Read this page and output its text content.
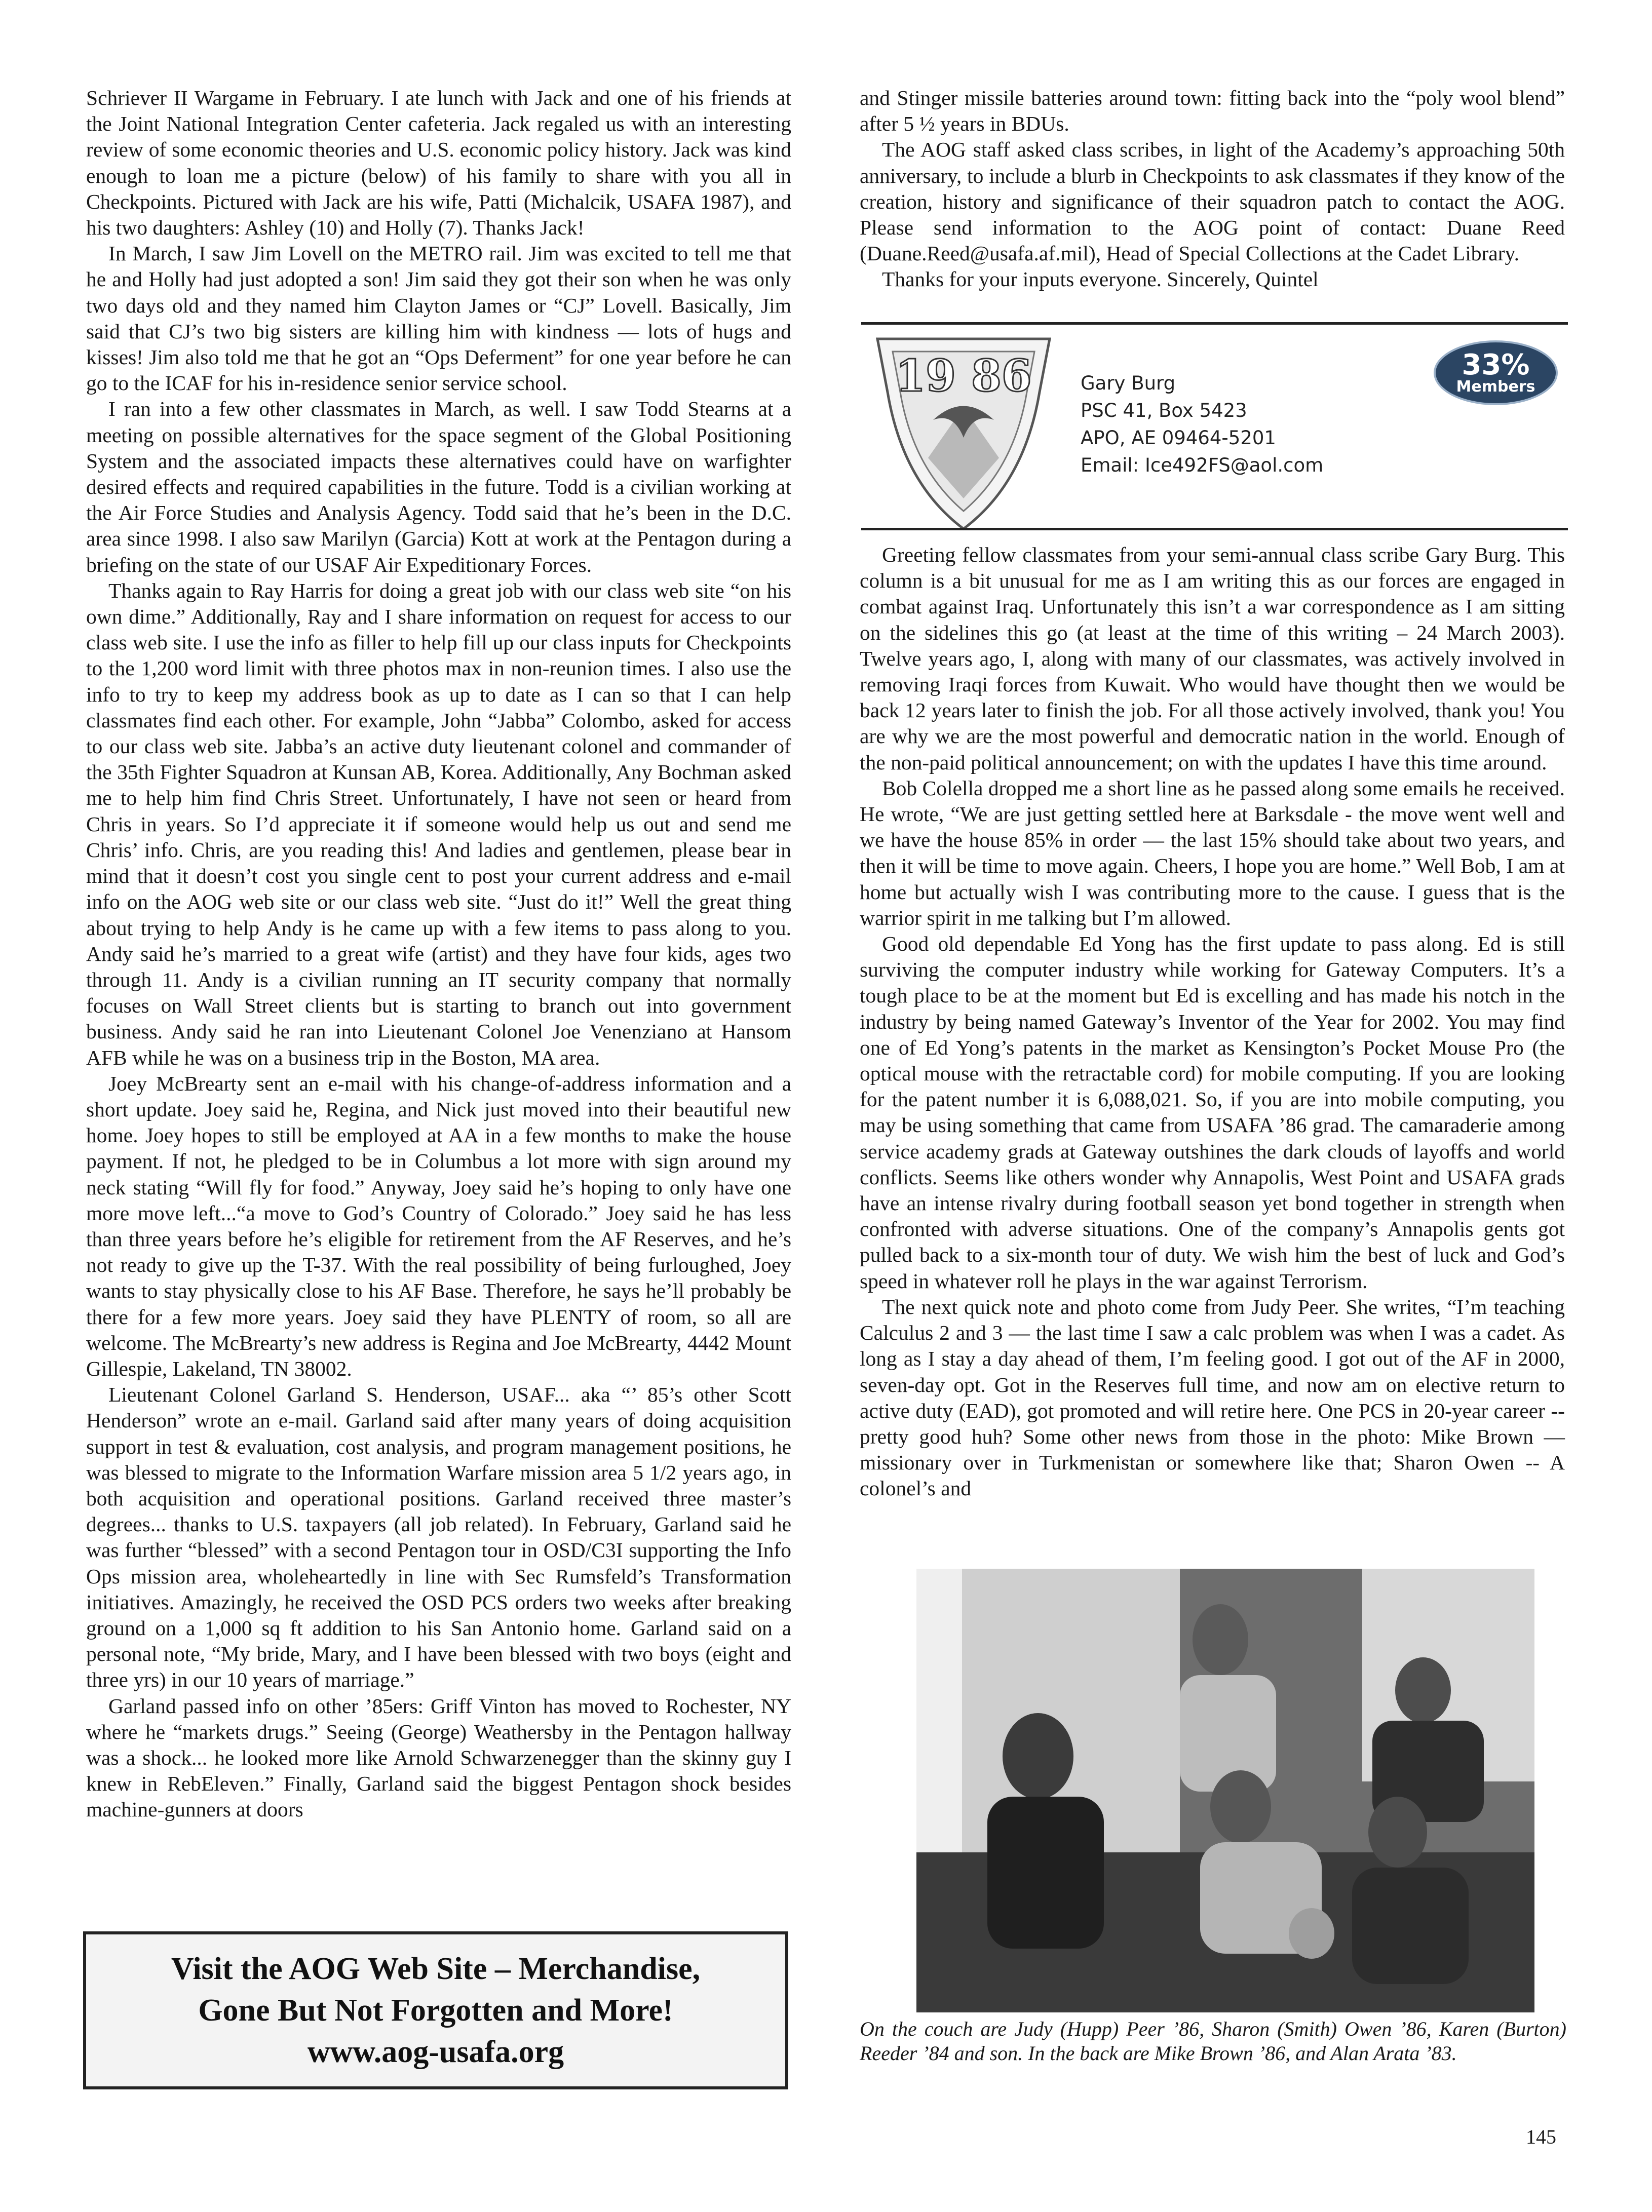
Schriever II Wargame in February. I ate lunch with Jack and one of his friends at the Joint National Integration Center cafeteria. Jack regaled us with an interesting review of some economic theories and U.S. economic policy history. Jack was kind enough to loan me a picture (below) of his family to share with you all in Checkpoints. Pictured with Jack are his wife, Patti (Michalcik, USAFA 1987), and his two daughters: Ashley (10) and Holly (7). Thanks Jack!

In March, I saw Jim Lovell on the METRO rail. Jim was excited to tell me that he and Holly had just adopted a son! Jim said they got their son when he was only two days old and they named him Clayton James or “CJ” Lovell. Basically, Jim said that CJ’s two big sisters are killing him with kindness — lots of hugs and kisses! Jim also told me that he got an “Ops Deferment” for one year before he can go to the ICAF for his in-residence senior service school.

I ran into a few other classmates in March, as well. I saw Todd Stearns at a meeting on possible alternatives for the space segment of the Global Positioning System and the associated impacts these alternatives could have on warfighter desired effects and required capabilities in the future. Todd is a civilian working at the Air Force Studies and Analysis Agency. Todd said that he’s been in the D.C. area since 1998. I also saw Marilyn (Garcia) Kott at work at the Pentagon during a briefing on the state of our USAF Air Expeditionary Forces.

Thanks again to Ray Harris for doing a great job with our class web site “on his own dime.” Additionally, Ray and I share information on request for access to our class web site. I use the info as filler to help fill up our class inputs for Checkpoints to the 1,200 word limit with three photos max in non-reunion times. I also use the info to try to keep my address book as up to date as I can so that I can help classmates find each other. For example, John “Jabba” Colombo, asked for access to our class web site. Jabba’s an active duty lieutenant colonel and commander of the 35th Fighter Squadron at Kunsan AB, Korea. Additionally, Any Bochman asked me to help him find Chris Street. Unfortunately, I have not seen or heard from Chris in years. So I’d appreciate it if someone would help us out and send me Chris’ info. Chris, are you reading this! And ladies and gentlemen, please bear in mind that it doesn’t cost you single cent to post your current address and e-mail info on the AOG web site or our class web site. “Just do it!” Well the great thing about trying to help Andy is he came up with a few items to pass along to you. Andy said he’s married to a great wife (artist) and they have four kids, ages two through 11. Andy is a civilian running an IT security company that normally focuses on Wall Street clients but is starting to branch out into government business. Andy said he ran into Lieutenant Colonel Joe Venenziano at Hansom AFB while he was on a business trip in the Boston, MA area.

Joey McBrearty sent an e-mail with his change-of-address information and a short update. Joey said he, Regina, and Nick just moved into their beautiful new home. Joey hopes to still be employed at AA in a few months to make the house payment. If not, he pledged to be in Columbus a lot more with sign around my neck stating “Will fly for food.” Anyway, Joey said he’s hoping to only have one more move left...“a move to God’s Country of Colorado.” Joey said he has less than three years before he’s eligible for retirement from the AF Reserves, and he’s not ready to give up the T-37. With the real possibility of being furloughed, Joey wants to stay physically close to his AF Base. Therefore, he says he’ll probably be there for a few more years. Joey said they have PLENTY of room, so all are welcome. The McBrearty’s new address is Regina and Joe McBrearty, 4442 Mount Gillespie, Lakeland, TN 38002.

Lieutenant Colonel Garland S. Henderson, USAF... aka “’ 85’s other Scott Henderson” wrote an e-mail. Garland said after many years of doing acquisition support in test & evaluation, cost analysis, and program management positions, he was blessed to migrate to the Information Warfare mission area 5 1/2 years ago, in both acquisition and operational positions. Garland received three master’s degrees... thanks to U.S. taxpayers (all job related). In February, Garland said he was further “blessed” with a second Pentagon tour in OSD/C3I supporting the Info Ops mission area, wholeheartedly in line with Sec Rumsfeld’s Transformation initiatives. Amazingly, he received the OSD PCS orders two weeks after breaking ground on a 1,000 sq ft addition to his San Antonio home. Garland said on a personal note, “My bride, Mary, and I have been blessed with two boys (eight and three yrs) in our 10 years of marriage.”

Garland passed info on other ’85ers: Griff Vinton has moved to Rochester, NY where he “markets drugs.” Seeing (George) Weathersby in the Pentagon hallway was a shock... he looked more like Arnold Schwarzenegger than the skinny guy I knew in RebEleven.” Finally, Garland said the biggest Pentagon shock besides machine-gunners at doors

Visit the AOG Web Site – Merchandise,
Gone But Not Forgotten and More!
www.aog-usafa.org

and Stinger missile batteries around town: fitting back into the “poly wool blend” after 5 ½ years in BDUs.

The AOG staff asked class scribes, in light of the Academy’s approaching 50th anniversary, to include a blurb in Checkpoints to ask classmates if they know of the creation, history and significance of their squadron patch to contact the AOG. Please send information to the AOG point of contact: Duane Reed (Duane.Reed@usafa.af.mil), Head of Special Collections at the Cadet Library.

Thanks for your inputs everyone. Sincerely, Quintel

19 86	Gary Burg
PSC 41, Box 5423
APO, AE 09464-5201
Email: Ice492FS@aol.com
33%
Members

Greeting fellow classmates from your semi-annual class scribe Gary Burg. This column is a bit unusual for me as I am writing this as our forces are engaged in combat against Iraq. Unfortunately this isn’t a war correspondence as I am sitting on the sidelines this go (at least at the time of this writing – 24 March 2003). Twelve years ago, I, along with many of our classmates, was actively involved in removing Iraqi forces from Kuwait. Who would have thought then we would be back 12 years later to finish the job. For all those actively involved, thank you! You are why we are the most powerful and democratic nation in the world. Enough of the non-paid political announcement; on with the updates I have this time around.

Bob Colella dropped me a short line as he passed along some emails he received. He wrote, “We are just getting settled here at Barksdale - the move went well and we have the house 85% in order — the last 15% should take about two years, and then it will be time to move again. Cheers, I hope you are home.” Well Bob, I am at home but actually wish I was contributing more to the cause. I guess that is the warrior spirit in me talking but I’m allowed.

Good old dependable Ed Yong has the first update to pass along. Ed is still surviving the computer industry while working for Gateway Computers. It’s a tough place to be at the moment but Ed is excelling and has made his notch in the industry by being named Gateway’s Inventor of the Year for 2002. You may find one of Ed Yong’s patents in the market as Kensington’s Pocket Mouse Pro (the optical mouse with the retractable cord) for mobile computing. If you are looking for the patent number it is 6,088,021. So, if you are into mobile computing, you may be using something that came from USAFA ’86 grad. The camaraderie among service academy grads at Gateway outshines the dark clouds of layoffs and world conflicts. Seems like others wonder why Annapolis, West Point and USAFA grads have an intense rivalry during football season yet bond together in strength when confronted with adverse situations. One of the company’s Annapolis gents got pulled back to a six-month tour of duty. We wish him the best of luck and God’s speed in whatever roll he plays in the war against Terrorism.

The next quick note and photo come from Judy Peer. She writes, “I’m teaching Calculus 2 and 3 — the last time I saw a calc problem was when I was a cadet. As long as I stay a day ahead of them, I’m feeling good. I got out of the AF in 2000, seven-day opt. Got in the Reserves full time, and now am on elective return to active duty (EAD), got promoted and will retire here. One PCS in 20-year career -- pretty good huh? Some other news from those in the photo: Mike Brown — missionary over in Turkmenistan or somewhere like that; Sharon Owen -- A colonel’s and

On the couch are Judy (Hupp) Peer ’86, Sharon (Smith) Owen ’86, Karen (Burton) Reeder ’84 and son. In the back are Mike Brown ’86, and Alan Arata ’83.
145
